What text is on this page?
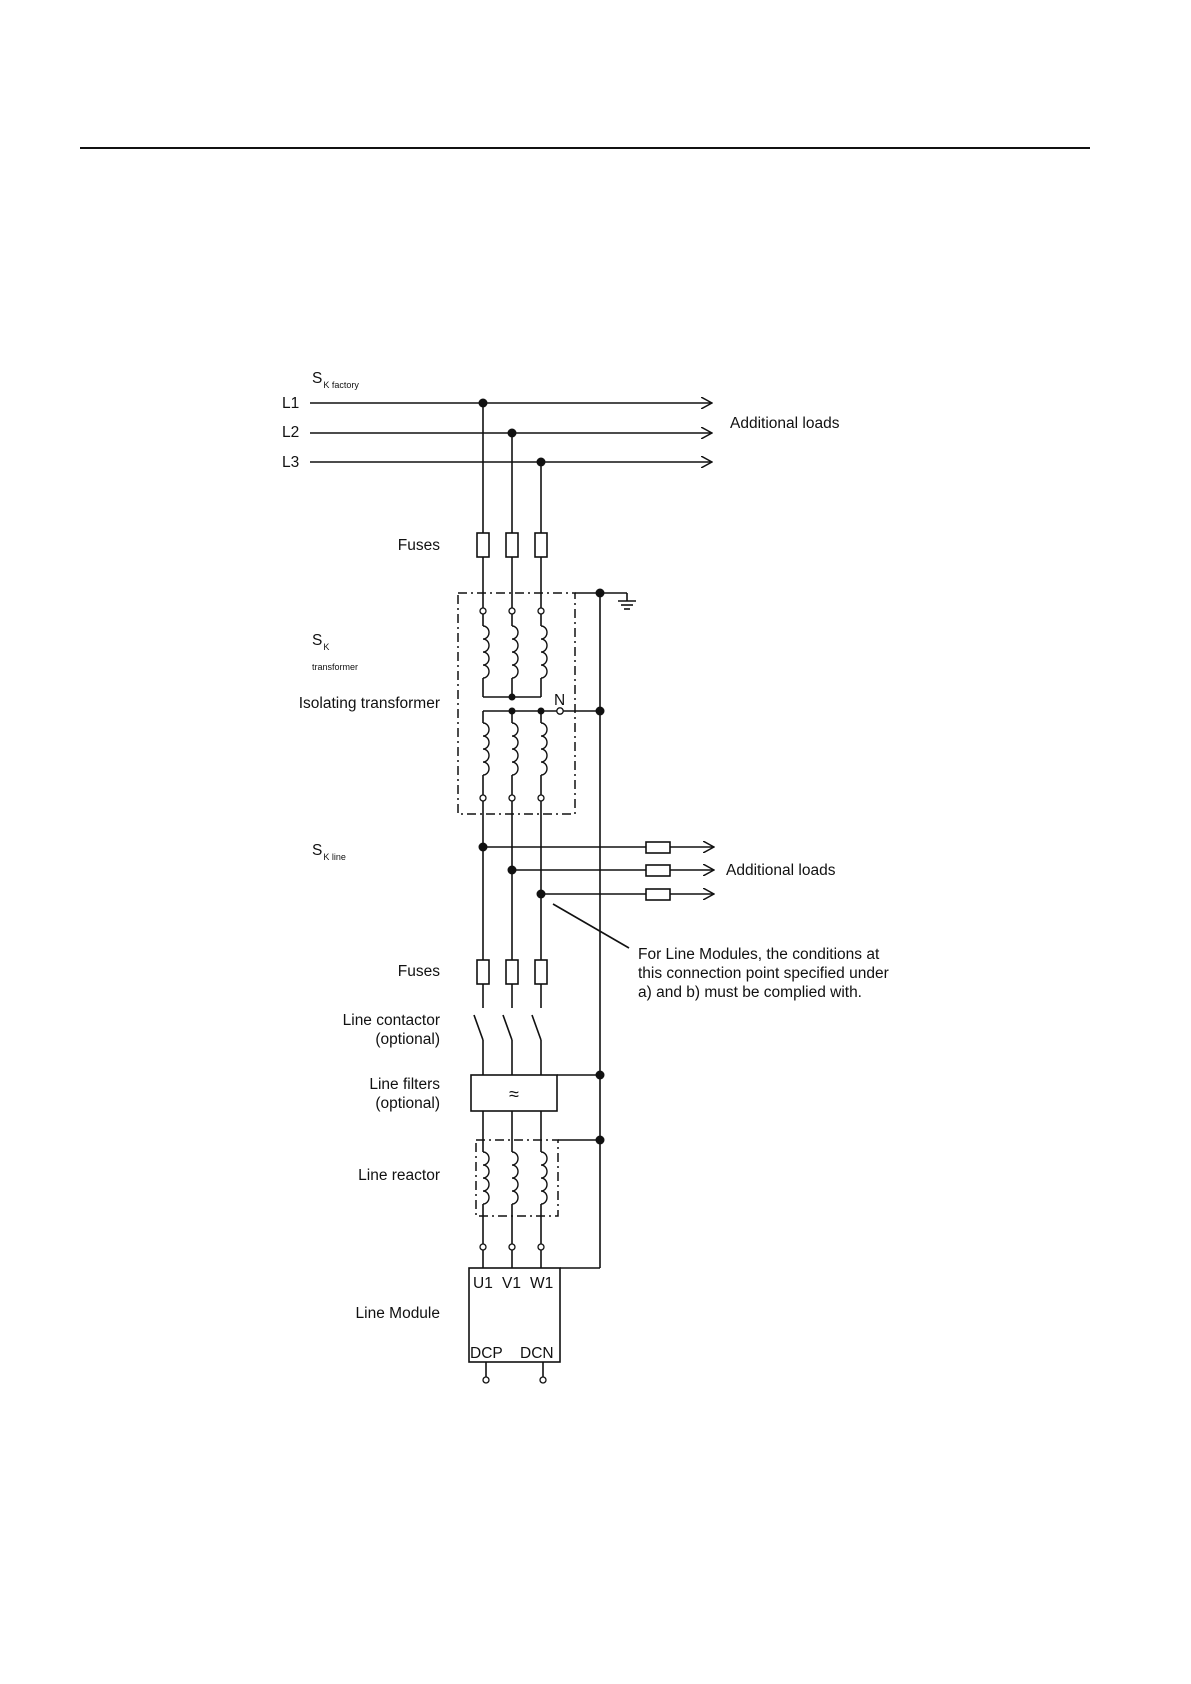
$S_{K factory}$
L1
L2
L3
Additional loads
Fuses
$S_K$
transformer
Isolating transformer	N
$S_{K line}$
Additional loads
For Line Modules, the conditions at
this connection point specified under
a) and b) must be complied with.
Fuses
Line contactor
(optional)
Line filters
(optional)	≈
Line reactor
Line Module
U1 V1 W1
DCP DCN
